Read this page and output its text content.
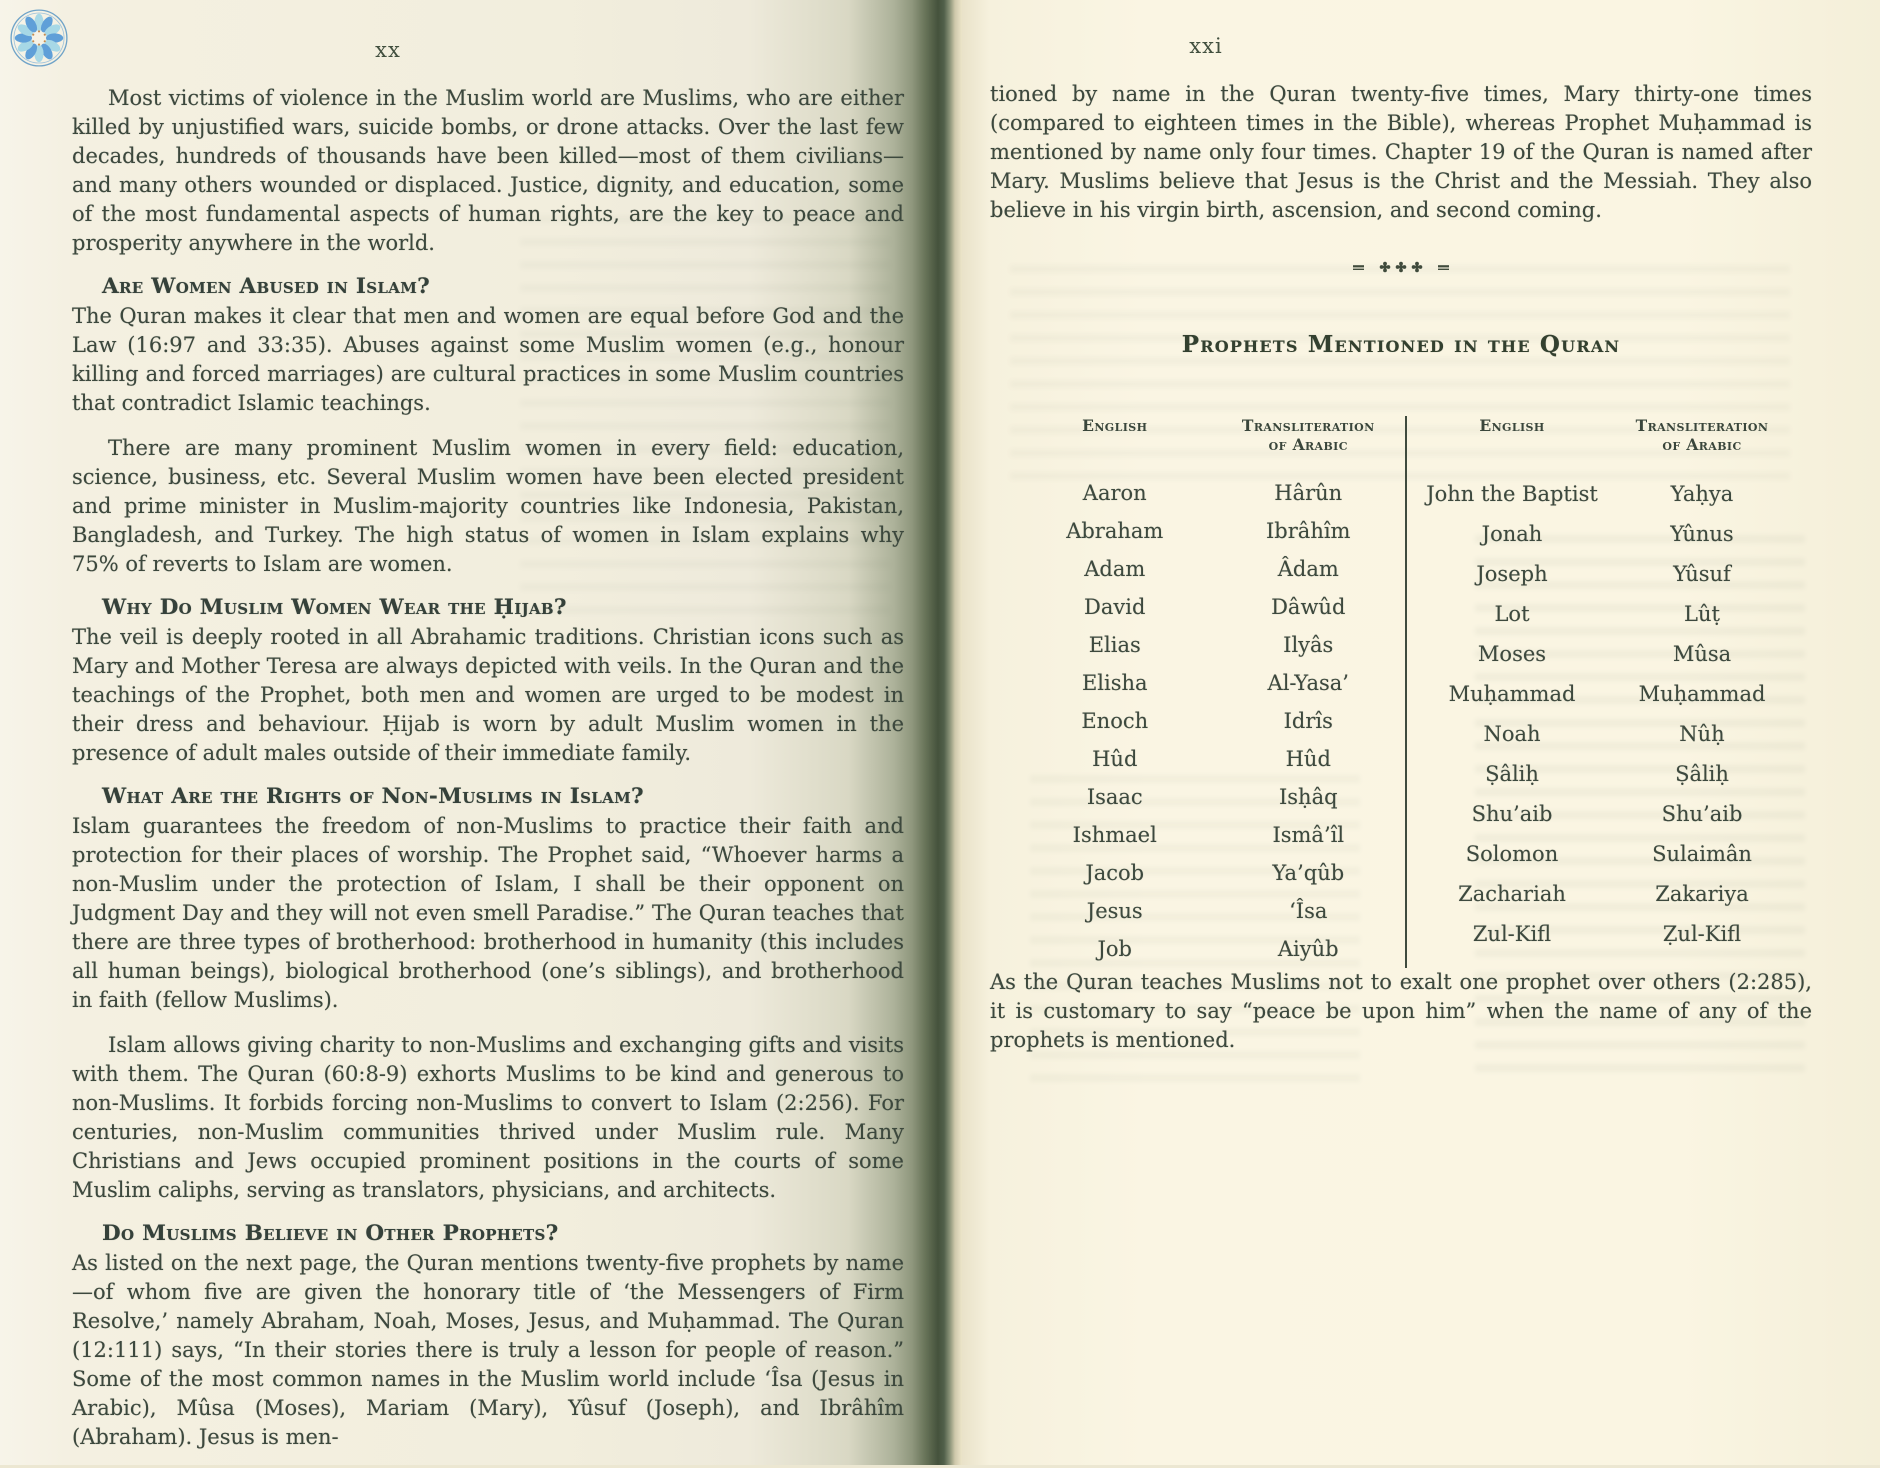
xx

Most victims of violence in the Muslim world are Muslims, who are either killed by unjustified wars, suicide bombs, or drone attacks. Over the last few decades, hundreds of thousands have been killed—most of them civilians—and many others wounded or displaced. Justice, dignity, and education, some of the most fundamental aspects of human rights, are the key to peace and prosperity anywhere in the world.

Are Women Abused in Islam?

The Quran makes it clear that men and women are equal before God and the Law (16:97 and 33:35). Abuses against some Muslim women (e.g., honour killing and forced marriages) are cultural practices in some Muslim countries that contradict Islamic teachings.

There are many prominent Muslim women in every field: education, science, business, etc. Several Muslim women have been elected president and prime minister in Muslim-majority countries like Indonesia, Pakistan, Bangladesh, and Turkey. The high status of women in Islam explains why 75% of reverts to Islam are women.

Why Do Muslim Women Wear the Ḥijab?

The veil is deeply rooted in all Abrahamic traditions. Christian icons such as Mary and Mother Teresa are always depicted with veils. In the Quran and the teachings of the Prophet, both men and women are urged to be modest in their dress and behaviour. Ḥijab is worn by adult Muslim women in the presence of adult males outside of their immediate family.

What Are the Rights of Non-Muslims in Islam?

Islam guarantees the freedom of non-Muslims to practice their faith and protection for their places of worship. The Prophet said, “Whoever harms a non-Muslim under the protection of Islam, I shall be their opponent on Judgment Day and they will not even smell Paradise.” The Quran teaches that there are three types of brotherhood: brotherhood in humanity (this includes all human beings), biological brotherhood (one’s siblings), and brotherhood in faith (fellow Muslims).

Islam allows giving charity to non-Muslims and exchanging gifts and visits with them. The Quran (60:8-9) exhorts Muslims to be kind and generous to non-Muslims. It forbids forcing non-Muslims to convert to Islam (2:256). For centuries, non-Muslim communities thrived under Muslim rule. Many Christians and Jews occupied prominent positions in the courts of some Muslim caliphs, serving as translators, physicians, and architects.

Do Muslims Believe in Other Prophets?

As listed on the next page, the Quran mentions twenty-five prophets by name—of whom five are given the honorary title of ‘the Messengers of Firm Resolve,’ namely Abraham, Noah, Moses, Jesus, and Muḥammad. The Quran (12:111) says, “In their stories there is truly a lesson for people of reason.” Some of the most common names in the Muslim world include ‘Îsa (Jesus in Arabic), Mûsa (Moses), Mariam (Mary), Yûsuf (Joseph), and Ibrâhîm (Abraham). Jesus is men-

xxi

tioned by name in the Quran twenty-five times, Mary thirty-one times (compared to eighteen times in the Bible), whereas Prophet Muḥammad is mentioned by name only four times. Chapter 19 of the Quran is named after Mary. Muslims believe that Jesus is the Christ and the Messiah. They also believe in his virgin birth, ascension, and second coming.

Prophets Mentioned in the Quran
English	Transliteration of Arabic
Aaron	Hârûn
Abraham	Ibrâhîm
Adam	Âdam
David	Dâwûd
Elias	Ilyâs
Elisha	Al-Yasa’
Enoch	Idrîs
Hûd	Hûd
Isaac	Isḥâq
Ishmael	Ismâ’îl
Jacob	Ya’qûb
Jesus	‘Îsa
Job	Aiyûb
English	Transliteration of Arabic
John the Baptist	Yaḥya
Jonah	Yûnus
Joseph	Yûsuf
Lot	Lûṭ
Moses	Mûsa
Muḥammad	Muḥammad
Noah	Nûḥ
Ṣâliḥ	Ṣâliḥ
Shu’aib	Shu’aib
Solomon	Sulaimân
Zachariah	Zakariya
Zul-Kifl	Ẓul-Kifl

As the Quran teaches Muslims not to exalt one prophet over others (2:285), it is customary to say “peace be upon him” when the name of any of the prophets is mentioned.
